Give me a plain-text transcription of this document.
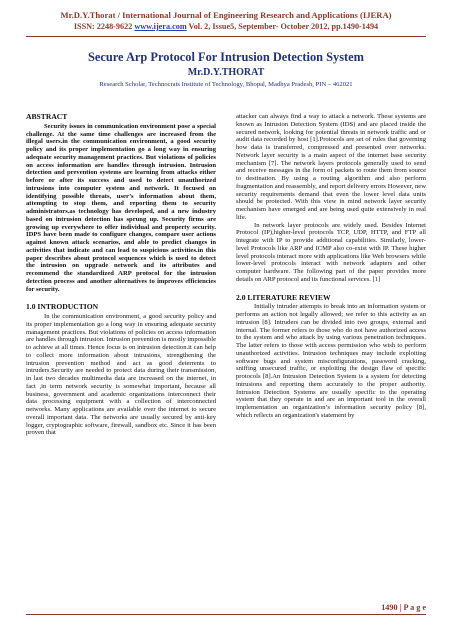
Mr.D.Y.Thorat / International Journal of Engineering Research and Applications (IJERA)
ISSN: 2248-9622 www.ijera.com Vol. 2, Issue5, September- October 2012, pp.1490-1494
Secure Arp Protocol For Intrusion Detection System
Mr.D.Y.THORAT
Research Scholar, Technocrats Institute of Technology, Bhopal, Madhya Pradesh, PIN – 462021
ABSTRACT

Security issues in communication environment pose a special challenge. At the same time challenges are increased from the illegal users.in the communication environment, a good security policy and its proper implementation go a long way in ensuring adequate security management practices. But violations of policies on access information are handles through intrusion. Intrusion detection and prevention systems are learning from attacks either before or after its success and used to detect unauthorized intrusions into computer system and network. It focused on identifying possible threats, user’s information about them, attempting to stop them, and reporting them to security administrators.as technology has developed, and a new industry based on intrusion detection has sprung up. Security firms are growing up everywhere to offer individual and property security. IDPS have been made to configure changes, compare user actions against known attack scenarios, and able to predict changes in activities that indicate and can lead to suspicious activities.in this paper describes about protocol sequences which is used to detect the intrusion on upgrade network and its attributes and recommend the standardized ARP protocol for the intrusion detection process and another alternatives to improves efficiencies for security.

1.0 INTRODUCTION

In the communication environment, a good security policy and its proper implementation go a long way in ensuring adequate security management practices. But violations of policies on access information are handles through intrusion. Intrusion prevention is mostly impossible to achieve at all times. Hence focus is on intrusion detection.it can help to collect more information about intrusions, strengthening the intrusion prevention method and act as good deterrents to intruders.Security are needed to protect data during their transmission, in last two decades multimedia data are increased on the internet, in fact ,in term network security is somewhat important, because all business, government and academic organizations interconnect their data processing equipment with a collection of interconnected networks. Many applications are available over the internet to secure overall important data. The networks are usually secured by anti-key logger, cryptographic software, firewall, sandbox etc. Since it has been proven that

attacker can always find a way to attack a network. These systems are known as Intrusion Detection System (IDS) and are placed inside the secured network, looking for potential threats in network traffic and or audit data recorded by host [1].Protocols are set of rules that governing how data is transferred, compressed and presented over networks. Network layer security is a main aspect of the internet base security mechanism [7]. The network layers protocols generally used to send and receive messages in the form of packets to route them from source to destination. By using a routing algorithm and also perform fragmentation and reassembly, and report delivery errors However, new security requirements demand that even the lower level data units should be protected. With this view in mind network layer security mechanism have emerged and are being used quite extensively in real life.

In network layer protocols are widely used. Besides Internet Protocol (IP),higher-level protocols TCP, UDP, HTTP, and FTP all integrate with IP to provide additional capabilities. Similarly, lower-level Protocols like ARP and ICMP also co-exist with IP. These higher level protocols interact more with applications like Web browsers while lower-level protocols interact with network adapters and other computer hardware. The following part of the paper provides more details on ARP protocol and its functional services. [1]

2.0 LITERATURE REVIEW

Initially intruder attempts to break into an information system or performs an action not legally allowed; we refer to this activity as an intrusion [8]. Intruders can be divided into two groups, external and internal. The former refers to those who do not have authorized access to the system and who attack by using various penetration techniques. The latter refers to those with access permission who wish to perform unauthorized activities. Intrusion techniques may include exploiting software bugs and system misconfigurations, password cracking, sniffing unsecured traffic, or exploiting the design flaw of specific protocols [8].An Intrusion Detection System is a system for detecting intrusions and reporting them accurately to the proper authority. Intrusion Detection Systems are usually specific to the operating system that they operate in and are an important tool in the overall implementation an organization’s information security policy [8], which reflects an organization's statement by

1490 | P a g e
